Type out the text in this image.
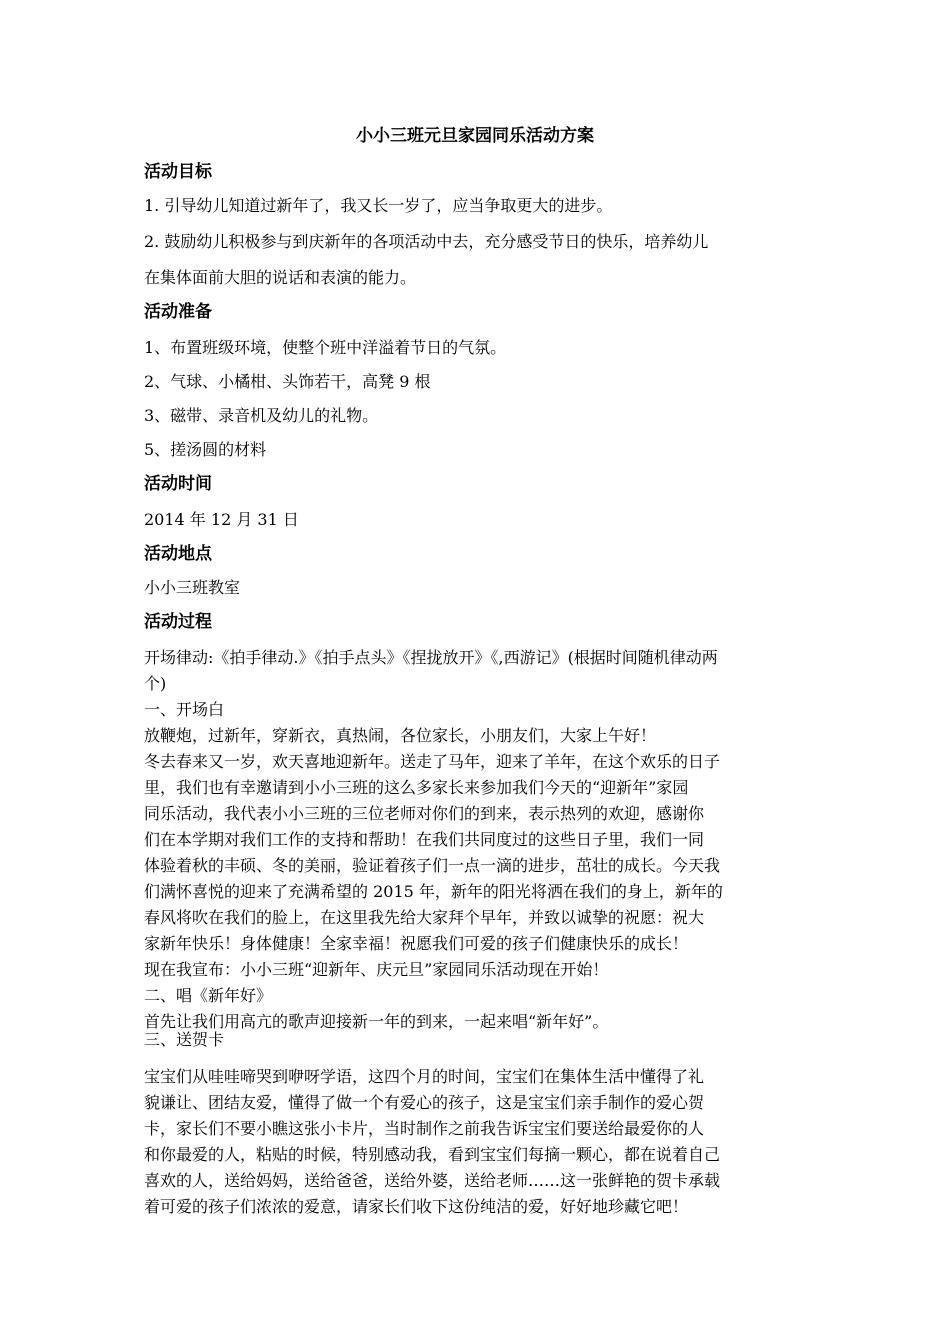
小小三班元旦家园同乐活动方案

活动目标

1. 引导幼儿知道过新年了，我又长一岁了，应当争取更大的进步。

2. 鼓励幼儿积极参与到庆新年的各项活动中去，充分感受节日的快乐，培养幼儿

在集体面前大胆的说话和表演的能力。

活动准备

1、布置班级环境，使整个班中洋溢着节日的气氛。

2、气球、小橘柑、头饰若干，高凳 9 根

3、磁带、录音机及幼儿的礼物。

5、搓汤圆的材料

活动时间

2014 年 12 月 31 日

活动地点

小小三班教室

活动过程

开场律动:《拍手律动.》《拍手点头》《捏拢放开》《,西游记》(根据时间随机律动两
个)
一、开场白
放鞭炮，过新年，穿新衣，真热闹，各位家长，小朋友们，大家上午好！
冬去春来又一岁，欢天喜地迎新年。送走了马年，迎来了羊年，在这个欢乐的日子
里，我们也有幸邀请到小小三班的这么多家长来参加我们今天的“迎新年”家园
同乐活动，我代表小小三班的三位老师对你们的到来，表示热列的欢迎，感谢你
们在本学期对我们工作的支持和帮助！在我们共同度过的这些日子里，我们一同
体验着秋的丰硕、冬的美丽，验证着孩子们一点一滴的进步，茁壮的成长。今天我
们满怀喜悦的迎来了充满希望的 2015 年，新年的阳光将洒在我们的身上，新年的
春风将吹在我们的脸上，在这里我先给大家拜个早年，并致以诚挚的祝愿：祝大
家新年快乐！身体健康！全家幸福！祝愿我们可爱的孩子们健康快乐的成长！
现在我宣布：小小三班“迎新年、庆元旦”家园同乐活动现在开始！
二、唱《新年好》
首先让我们用高亢的歌声迎接新一年的到来，一起来唱“新年好”。

三、送贺卡

宝宝们从哇哇啼哭到咿呀学语，这四个月的时间，宝宝们在集体生活中懂得了礼
貌谦让、团结友爱，懂得了做一个有爱心的孩子，这是宝宝们亲手制作的爱心贺
卡，家长们不要小瞧这张小卡片，当时制作之前我告诉宝宝们要送给最爱你的人
和你最爱的人，粘贴的时候，特别感动我，看到宝宝们每摘一颗心，都在说着自己
喜欢的人，送给妈妈，送给爸爸，送给外婆，送给老师……这一张鲜艳的贺卡承载
着可爱的孩子们浓浓的爱意，请家长们收下这份纯洁的爱，好好地珍藏它吧！
